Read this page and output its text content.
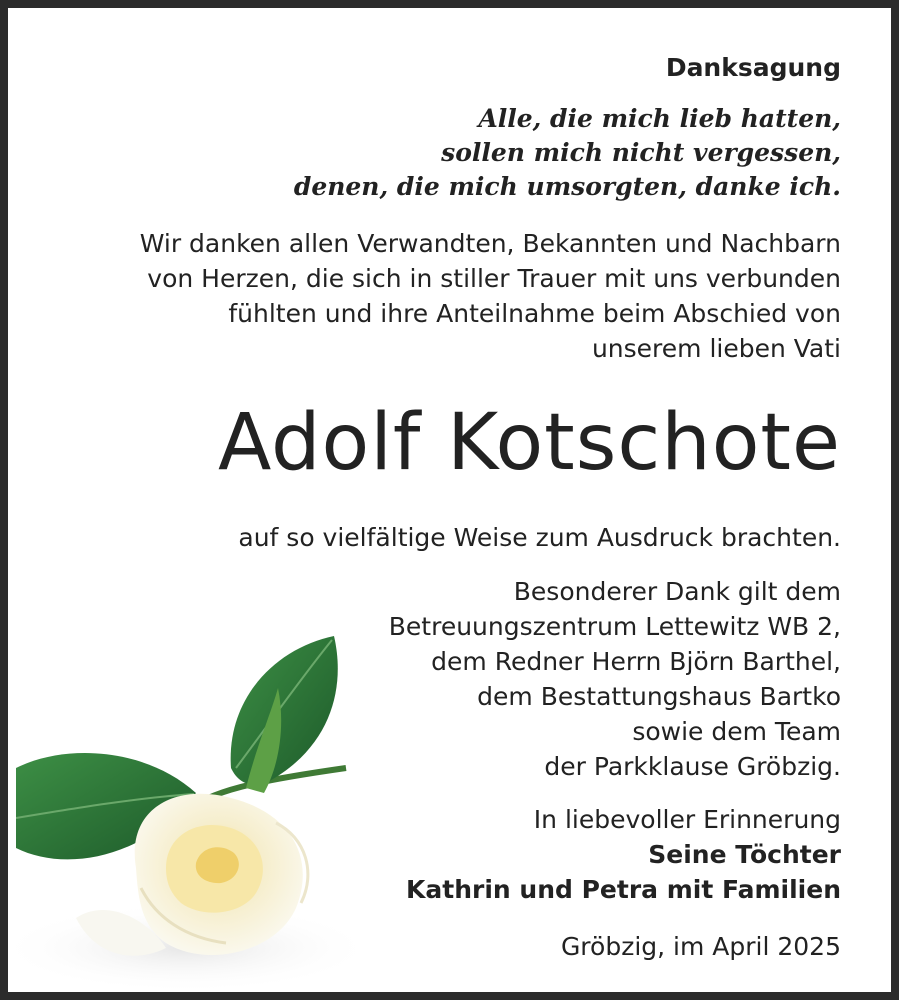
Danksagung
Alle, die mich lieb hatten,
sollen mich nicht vergessen,
denen, die mich umsorgten, danke ich.
Wir danken allen Verwandten, Bekannten und Nachbarn
von Herzen, die sich in stiller Trauer mit uns verbunden
fühlten und ihre Anteilnahme beim Abschied von
unserem lieben Vati
Adolf Kotschote
auf so vielfältige Weise zum Ausdruck brachten.
Besonderer Dank gilt dem
Betreuungszentrum Lettewitz WB 2,
dem Redner Herrn Björn Barthel,
dem Bestattungshaus Bartko
sowie dem Team
der Parkklause Gröbzig.
In liebevoller Erinnerung
Seine Töchter
Kathrin und Petra mit Familien
Gröbzig, im April 2025
